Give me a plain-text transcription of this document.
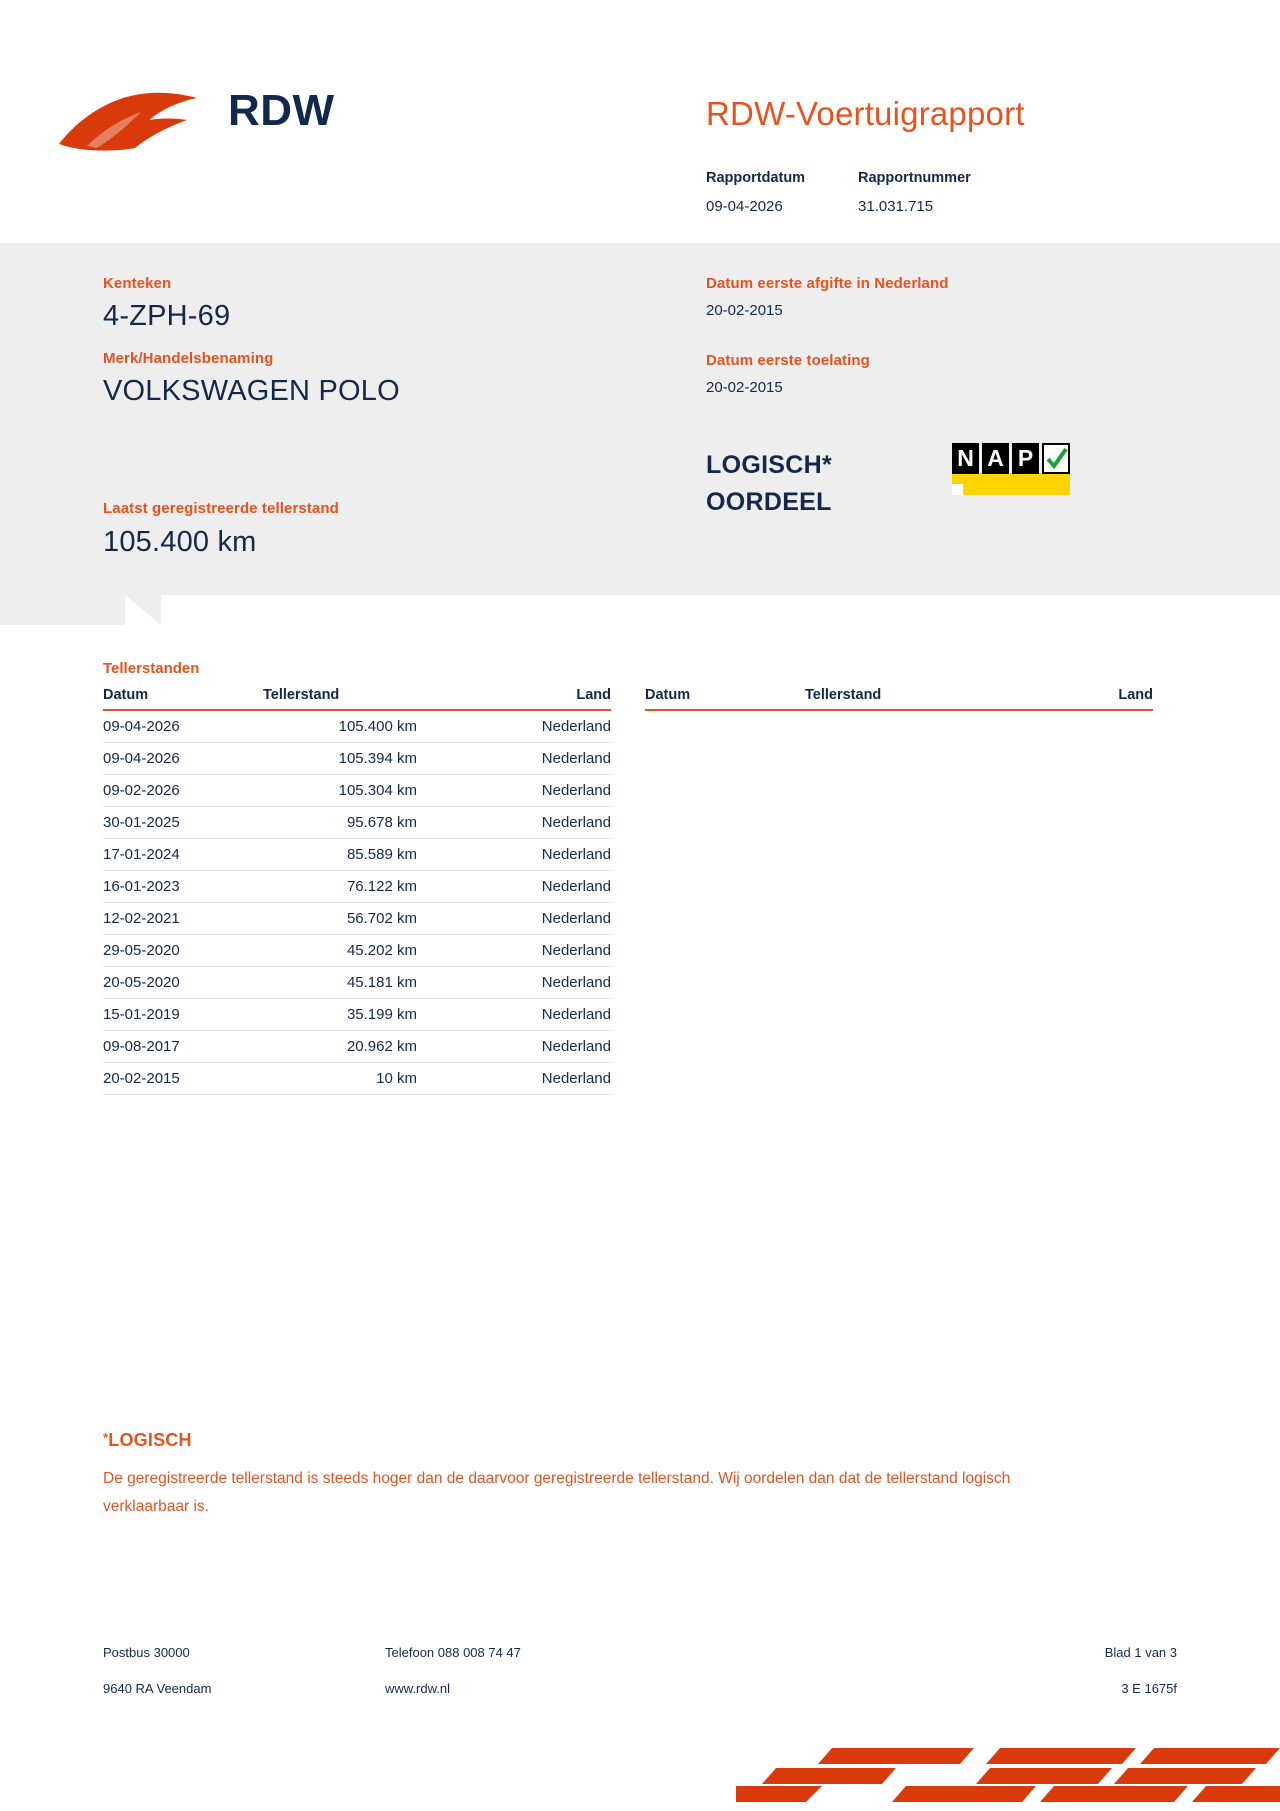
RDW	RDW-Voertuigrapport
Rapportdatum	Rapportnummer
09-04-2026	31.031.715
Kenteken
4-ZPH-69
Merk/Handelsbenaming
VOLKSWAGEN POLO
Laatst geregistreerde tellerstand
105.400 km
Datum eerste afgifte in Nederland
20-02-2015
Datum eerste toelating
20-02-2015
LOGISCH*
OORDEEL
N A P
Tellerstanden
Datum	Tellerstand	Land
09-04-2026	105.400 km	Nederland
09-04-2026	105.394 km	Nederland
09-02-2026	105.304 km	Nederland
30-01-2025	95.678 km	Nederland
17-01-2024	85.589 km	Nederland
16-01-2023	76.122 km	Nederland
12-02-2021	56.702 km	Nederland
29-05-2020	45.202 km	Nederland
20-05-2020	45.181 km	Nederland
15-01-2019	35.199 km	Nederland
09-08-2017	20.962 km	Nederland
20-02-2015	10 km	Nederland
Datum	Tellerstand	Land
*LOGISCH
De geregistreerde tellerstand is steeds hoger dan de daarvoor geregistreerde tellerstand. Wij oordelen dan dat de tellerstand logisch verklaarbaar is.
Postbus 30000
9640 RA Veendam
Telefoon 088 008 74 47
www.rdw.nl
Blad 1 van 3
3 E 1675f
